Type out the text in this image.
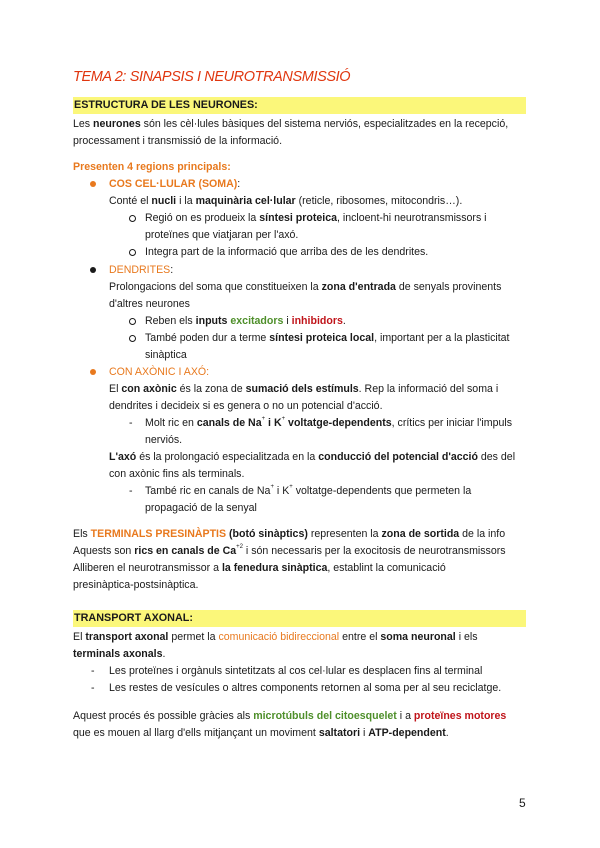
TEMA 2: SINAPSIS I NEUROTRANSMISSIÓ
ESTRUCTURA DE LES NEURONES:
Les neurones són les cèl·lules bàsiques del sistema nerviós, especialitzades en la recepció,
processament i transmissió de la informació.
Presenten 4 regions principals:
COS CEL·LULAR (SOMA):
Conté el nucli i la maquinària cel·lular (reticle, ribosomes, mitocondris…).
Regió on es produeix la síntesi proteica, incloent-hi neurotransmissors i
proteïnes que viatjaran per l'axó.
Integra part de la informació que arriba des de les dendrites.
DENDRITES:
Prolongacions del soma que constitueixen la zona d'entrada de senyals provinents
d'altres neurones
Reben els inputs excitadors i inhibidors.
També poden dur a terme síntesi proteica local, important per a la plasticitat
sinàptica
CON AXÒNIC I AXÓ:
El con axònic és la zona de sumació dels estímuls. Rep la informació del soma i
dendrites i decideix si es genera o no un potencial d'acció.
- Molt ric en canals de Na+ i K+ voltatge-dependents, crítics per iniciar l'impuls
nerviós.
L'axó és la prolongació especialitzada en la conducció del potencial d'acció des del
con axònic fins als terminals.
- També ric en canals de Na+ i K+ voltatge-dependents que permeten la
propagació de la senyal
Els TERMINALS PRESINÀPTIS (botó sinàptics) representen la zona de sortida de la info
Aquests son rics en canals de $Ca^{+2}$ i són necessaris per la exocitosis de neurotransmissors
Alliberen el neurotransmissor a la fenedura sinàptica, establint la comunicació
presinàptica-postsinàptica.
TRANSPORT AXONAL:
El transport axonal permet la comunicació bidireccional entre el soma neuronal i els
terminals axonals.
- Les proteïnes i orgànuls sintetitzats al cos cel·lular es desplacen fins al terminal
- Les restes de vesícules o altres components retornen al soma per al seu reciclatge.
Aquest procés és possible gràcies als microtúbuls del citoesquelet i a proteïnes motores
que es mouen al llarg d'ells mitjançant un moviment saltatori i ATP-dependent.
5
